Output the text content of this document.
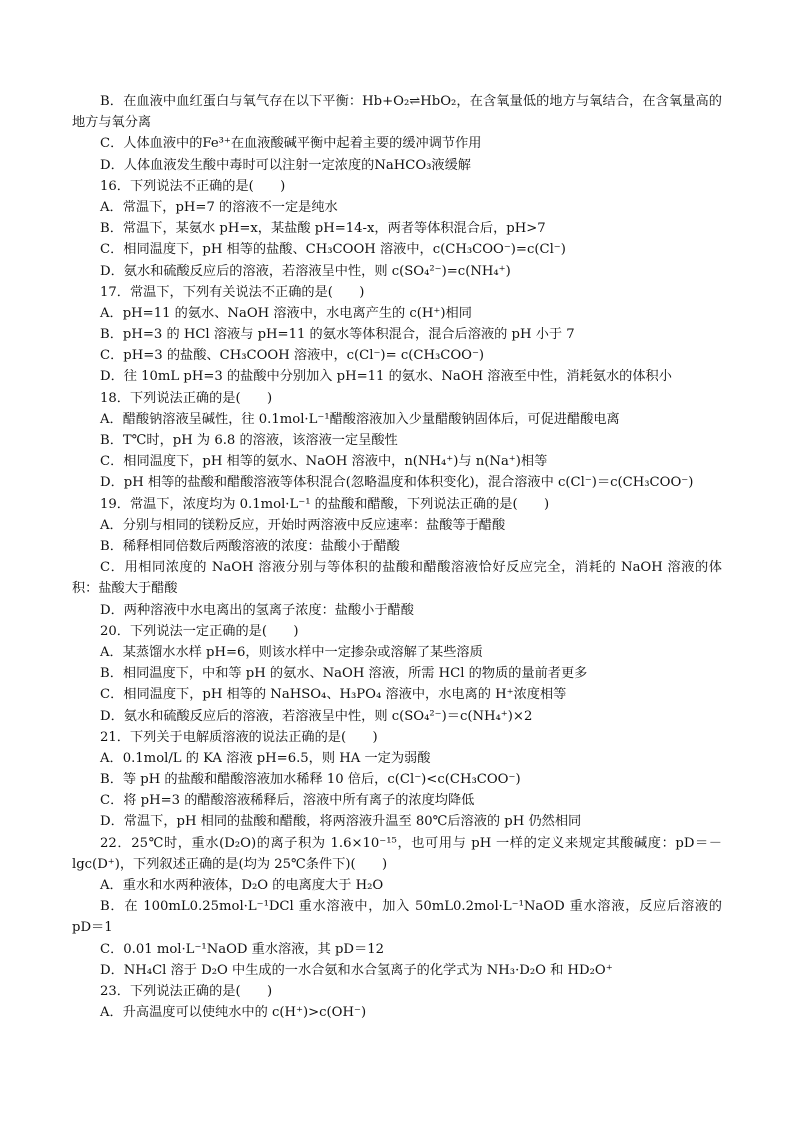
B．在血液中血红蛋白与氧气存在以下平衡：Hb+O₂⇌HbO₂，在含氧量低的地方与氧结合，在含氧量高的地方与氧分离
C．人体血液中的Fe³⁺在血液酸碱平衡中起着主要的缓冲调节作用
D．人体血液发生酸中毒时可以注射一定浓度的NaHCO₃液缓解
16．下列说法不正确的是(　　)
A．常温下，pH=7 的溶液不一定是纯水
B．常温下，某氨水 pH=x，某盐酸 pH=14-x，两者等体积混合后，pH>7
C．相同温度下，pH 相等的盐酸、CH₃COOH 溶液中，c(CH₃COO⁻)=c(Cl⁻)
D．氨水和硫酸反应后的溶液，若溶液呈中性，则 c(SO₄²⁻)=c(NH₄⁺)
17．常温下，下列有关说法不正确的是(　　)
A．pH=11 的氨水、NaOH 溶液中，水电离产生的 c(H⁺)相同
B．pH=3 的 HCl 溶液与 pH=11 的氨水等体积混合，混合后溶液的 pH 小于 7
C．pH=3 的盐酸、CH₃COOH 溶液中，c(Cl⁻)= c(CH₃COO⁻)
D．往 10mL pH=3 的盐酸中分别加入 pH=11 的氨水、NaOH 溶液至中性，消耗氨水的体积小
18．下列说法正确的是(　　)
A．醋酸钠溶液呈碱性，往 0.1mol·L⁻¹醋酸溶液加入少量醋酸钠固体后，可促进醋酸电离
B．T℃时，pH 为 6.8 的溶液，该溶液一定呈酸性
C．相同温度下，pH 相等的氨水、NaOH 溶液中，n(NH₄⁺)与 n(Na⁺)相等
D．pH 相等的盐酸和醋酸溶液等体积混合(忽略温度和体积变化)，混合溶液中 c(Cl⁻)＝c(CH₃COO⁻)
19．常温下，浓度均为 0.1mol·L⁻¹ 的盐酸和醋酸，下列说法正确的是(　　)
A．分别与相同的镁粉反应，开始时两溶液中反应速率：盐酸等于醋酸
B．稀释相同倍数后两酸溶液的浓度：盐酸小于醋酸
C．用相同浓度的 NaOH 溶液分别与等体积的盐酸和醋酸溶液恰好反应完全，消耗的 NaOH 溶液的体积：盐酸大于醋酸
D．两种溶液中水电离出的氢离子浓度：盐酸小于醋酸
20．下列说法一定正确的是(　　)
A．某蒸馏水水样 pH=6，则该水样中一定掺杂或溶解了某些溶质
B．相同温度下，中和等 pH 的氨水、NaOH 溶液，所需 HCl 的物质的量前者更多
C．相同温度下，pH 相等的 NaHSO₄、H₃PO₄ 溶液中，水电离的 H⁺浓度相等
D．氨水和硫酸反应后的溶液，若溶液呈中性，则 c(SO₄²⁻)＝c(NH₄⁺)×2
21．下列关于电解质溶液的说法正确的是(　　)
A．0.1mol/L 的 KA 溶液 pH=6.5，则 HA 一定为弱酸
B．等 pH 的盐酸和醋酸溶液加水稀释 10 倍后，c(Cl⁻)<c(CH₃COO⁻)
C．将 pH=3 的醋酸溶液稀释后，溶液中所有离子的浓度均降低
D．常温下，pH 相同的盐酸和醋酸，将两溶液升温至 80℃后溶液的 pH 仍然相同
22．25℃时，重水(D₂O)的离子积为 1.6×10⁻¹⁵，也可用与 pH 一样的定义来规定其酸碱度：pD＝－lgc(D⁺)，下列叙述正确的是(均为 25℃条件下)(　　)
A．重水和水两种液体，D₂O 的电离度大于 H₂O
B．在 100mL0.25mol·L⁻¹DCl 重水溶液中，加入 50mL0.2mol·L⁻¹NaOD 重水溶液，反应后溶液的 pD＝1
C．0.01 mol·L⁻¹NaOD 重水溶液，其 pD＝12
D．NH₄Cl 溶于 D₂O 中生成的一水合氨和水合氢离子的化学式为 NH₃·D₂O 和 HD₂O⁺
23．下列说法正确的是(　　)
A．升高温度可以使纯水中的 c(H⁺)>c(OH⁻)
